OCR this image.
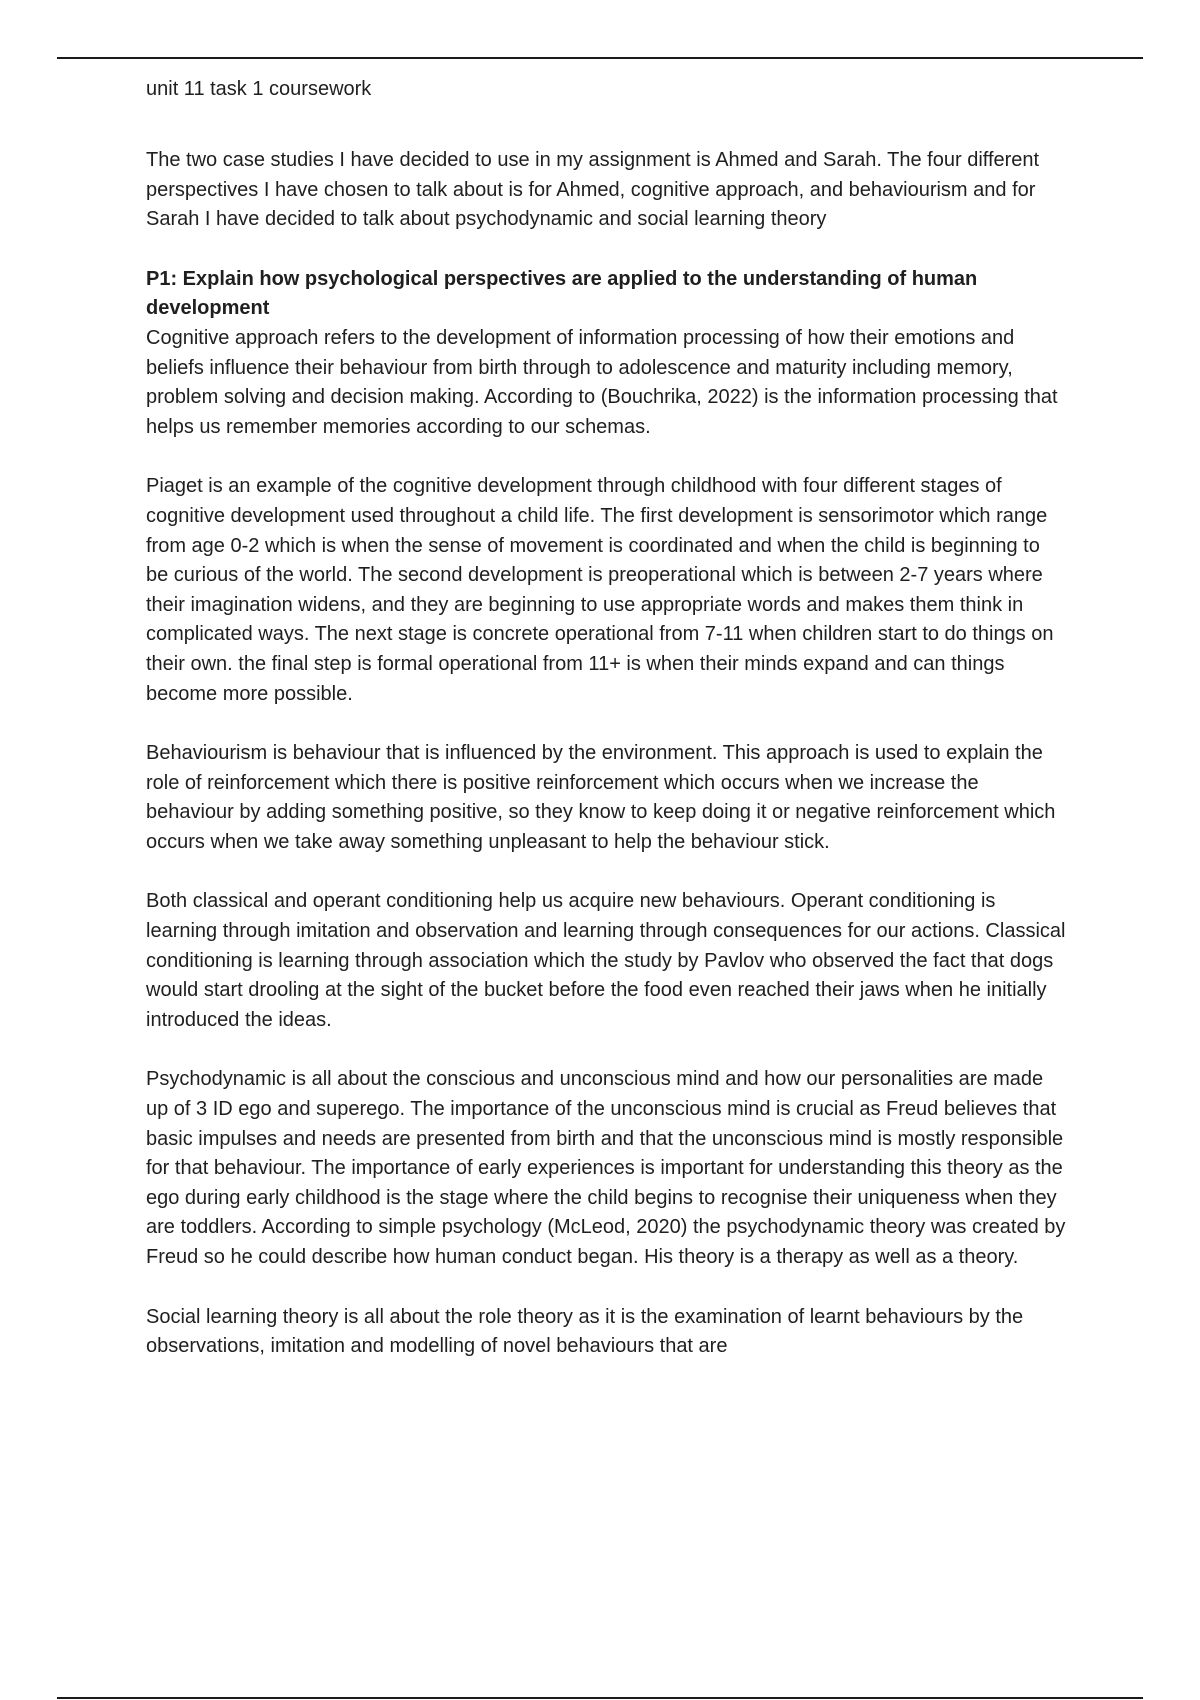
unit 11 task 1 coursework

The two case studies I have decided to use in my assignment is Ahmed and Sarah. The four different perspectives I have chosen to talk about is for Ahmed, cognitive approach, and behaviourism and for Sarah I have decided to talk about psychodynamic and social learning theory

P1: Explain how psychological perspectives are applied to the understanding of human development

Cognitive approach refers to the development of information processing of how their emotions and beliefs influence their behaviour from birth through to adolescence and maturity including memory, problem solving and decision making. According to (Bouchrika, 2022) is the information processing that helps us remember memories according to our schemas.

Piaget is an example of the cognitive development through childhood with four different stages of cognitive development used throughout a child life. The first development is sensorimotor which range from age 0-2 which is when the sense of movement is coordinated and when the child is beginning to be curious of the world. The second development is preoperational which is between 2-7 years where their imagination widens, and they are beginning to use appropriate words and makes them think in complicated ways. The next stage is concrete operational from 7-11 when children start to do things on their own. the final step is formal operational from 11+ is when their minds expand and can things become more possible.

Behaviourism is behaviour that is influenced by the environment. This approach is used to explain the role of reinforcement which there is positive reinforcement which occurs when we increase the behaviour by adding something positive, so they know to keep doing it or negative reinforcement which occurs when we take away something unpleasant to help the behaviour stick.

Both classical and operant conditioning help us acquire new behaviours. Operant conditioning is learning through imitation and observation and learning through consequences for our actions. Classical conditioning is learning through association which the study by Pavlov who observed the fact that dogs would start drooling at the sight of the bucket before the food even reached their jaws when he initially introduced the ideas.

Psychodynamic is all about the conscious and unconscious mind and how our personalities are made up of 3 ID ego and superego. The importance of the unconscious mind is crucial as Freud believes that basic impulses and needs are presented from birth and that the unconscious mind is mostly responsible for that behaviour. The importance of early experiences is important for understanding this theory as the ego during early childhood is the stage where the child begins to recognise their uniqueness when they are toddlers. According to simple psychology (McLeod, 2020) the psychodynamic theory was created by Freud so he could describe how human conduct began. His theory is a therapy as well as a theory.

Social learning theory is all about the role theory as it is the examination of learnt behaviours by the observations, imitation and modelling of novel behaviours that are
